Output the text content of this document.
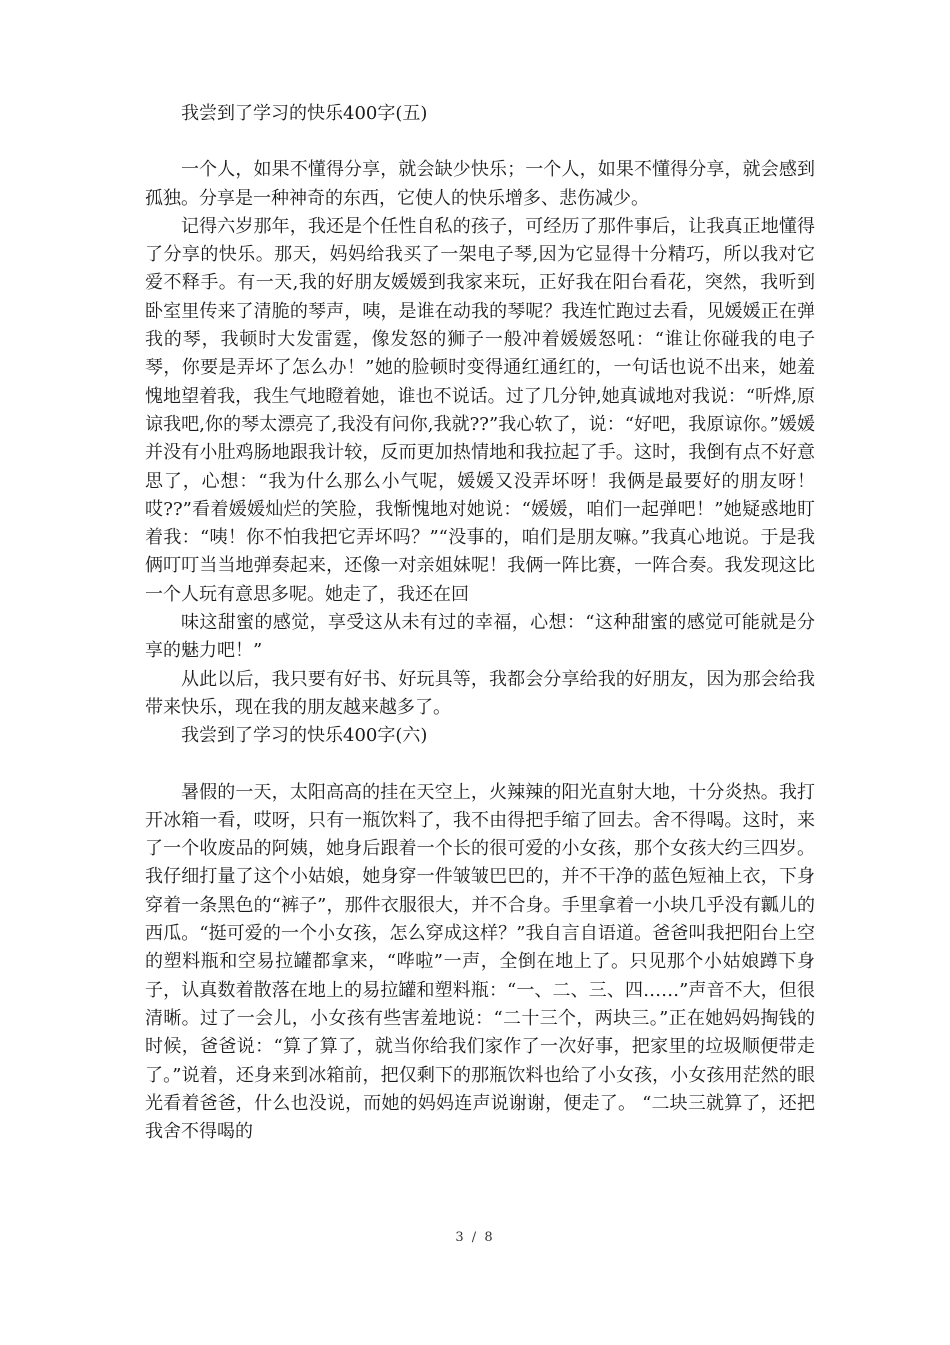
我尝到了学习的快乐400字(五)

一个人，如果不懂得分享，就会缺少快乐；一个人，如果不懂得分享，就会感到孤独。分享是一种神奇的东西，它使人的快乐增多、悲伤减少。

记得六岁那年，我还是个任性自私的孩子，可经历了那件事后，让我真正地懂得了分享的快乐。那天，妈妈给我买了一架电子琴,因为它显得十分精巧，所以我对它爱不释手。有一天,我的好朋友媛媛到我家来玩，正好我在阳台看花，突然，我听到卧室里传来了清脆的琴声，咦，是谁在动我的琴呢？我连忙跑过去看，见媛媛正在弹我的琴，我顿时大发雷霆，像发怒的狮子一般冲着媛媛怒吼：“谁让你碰我的电子琴，你要是弄坏了怎么办！”她的脸顿时变得通红通红的，一句话也说不出来，她羞愧地望着我，我生气地瞪着她，谁也不说话。过了几分钟,她真诚地对我说：“听烨,原谅我吧,你的琴太漂亮了,我没有问你,我就??”我心软了，说：“好吧，我原谅你。”媛媛并没有小肚鸡肠地跟我计较，反而更加热情地和我拉起了手。这时，我倒有点不好意思了，心想：“我为什么那么小气呢，媛媛又没弄坏呀！我俩是最要好的朋友呀！哎??”看着媛媛灿烂的笑脸，我惭愧地对她说：“媛媛，咱们一起弹吧！”她疑惑地盯着我：“咦！你不怕我把它弄坏吗？”“没事的，咱们是朋友嘛。”我真心地说。于是我俩叮叮当当地弹奏起来，还像一对亲姐妹呢！我俩一阵比赛，一阵合奏。我发现这比一个人玩有意思多呢。她走了，我还在回

味这甜蜜的感觉，享受这从未有过的幸福，心想：“这种甜蜜的感觉可能就是分享的魅力吧！”

从此以后，我只要有好书、好玩具等，我都会分享给我的好朋友，因为那会给我带来快乐，现在我的朋友越来越多了。

我尝到了学习的快乐400字(六)

暑假的一天，太阳高高的挂在天空上，火辣辣的阳光直射大地，十分炎热。我打开冰箱一看，哎呀，只有一瓶饮料了，我不由得把手缩了回去。舍不得喝。这时，来了一个收废品的阿姨，她身后跟着一个长的很可爱的小女孩，那个女孩大约三四岁。我仔细打量了这个小姑娘，她身穿一件皱皱巴巴的，并不干净的蓝色短袖上衣，下身穿着一条黑色的“裤子”，那件衣服很大，并不合身。手里拿着一小块几乎没有瓤儿的西瓜。“挺可爱的一个小女孩，怎么穿成这样？”我自言自语道。爸爸叫我把阳台上空的塑料瓶和空易拉罐都拿来，“哗啦”一声，全倒在地上了。只见那个小姑娘蹲下身子，认真数着散落在地上的易拉罐和塑料瓶：“一、二、三、四……”声音不大，但很清晰。过了一会儿，小女孩有些害羞地说：“二十三个，两块三。”正在她妈妈掏钱的时候，爸爸说：“算了算了，就当你给我们家作了一次好事，把家里的垃圾顺便带走了。”说着，还身来到冰箱前，把仅剩下的那瓶饮料也给了小女孩，小女孩用茫然的眼光看着爸爸，什么也没说，而她的妈妈连声说谢谢，便走了。 “二块三就算了，还把我舍不得喝的

3 / 8
